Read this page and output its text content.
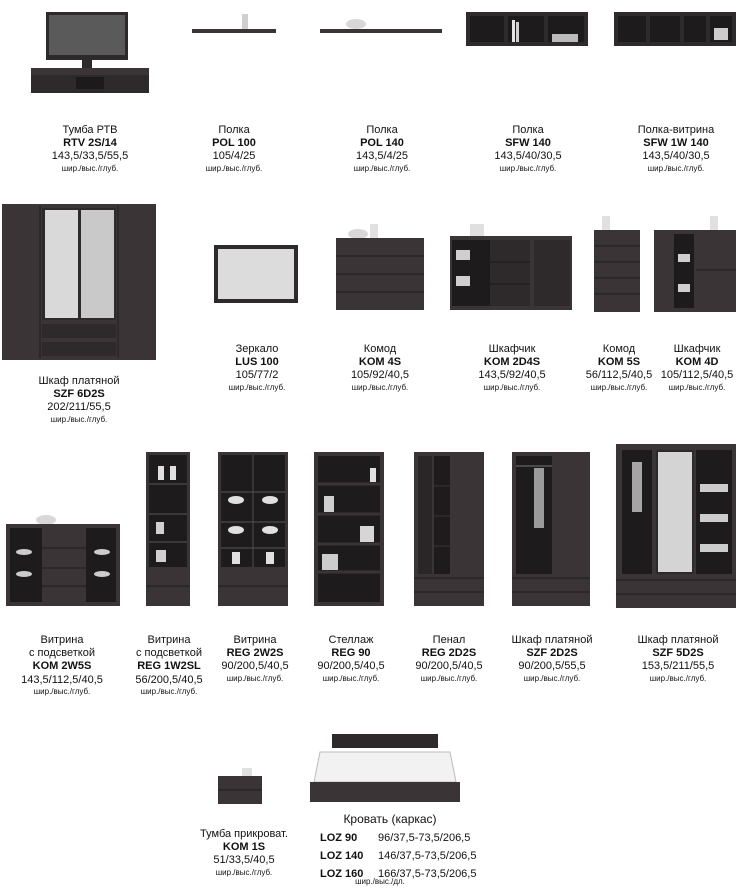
Тумба РТВ
RTV 2S/14
143,5/33,5/55,5
шир./выс./глуб.
Полка
POL 100
105/4/25
шир./выс./глуб.
Полка
POL 140
143,5/4/25
шир./выс./глуб.
Полка
SFW 140
143,5/40/30,5
шир./выс./глуб.
Полка-витрина
SFW 1W 140
143,5/40/30,5
шир./выс./глуб.
Шкаф платяной
SZF 6D2S
202/211/55,5
шир./выс./глуб.
Зеркало
LUS 100
105/77/2
шир./выс./глуб.
Комод
KOM 4S
105/92/40,5
шир./выс./глуб.
Шкафчик
KOM 2D4S
143,5/92/40,5
шир./выс./глуб.
Комод
KOM 5S
56/112,5/40,5
шир./выс./глуб.
Шкафчик
KOM 4D
105/112,5/40,5
шир./выс./глуб.
Витрина
с подсветкой
KOM 2W5S
143,5/112,5/40,5
шир./выс./глуб.
Витрина
с подсветкой
REG 1W2SL
56/200,5/40,5
шир./выс./глуб.
Витрина
REG 2W2S
90/200,5/40,5
шир./выс./глуб.
Стеллаж
REG 90
90/200,5/40,5
шир./выс./глуб.
Пенал
REG 2D2S
90/200,5/40,5
шир./выс./глуб.
Шкаф платяной
SZF 2D2S
90/200,5/55,5
шир./выс./глуб.
Шкаф платяной
SZF 5D2S
153,5/211/55,5
шир./выс./глуб.
Тумба прикроват.
KOM 1S
51/33,5/40,5
шир./выс./глуб.
Кровать (каркас)
LOZ 90 96/37,5-73,5/206,5
LOZ 140 146/37,5-73,5/206,5
LOZ 160 166/37,5-73,5/206,5
шир./выс./дл.
